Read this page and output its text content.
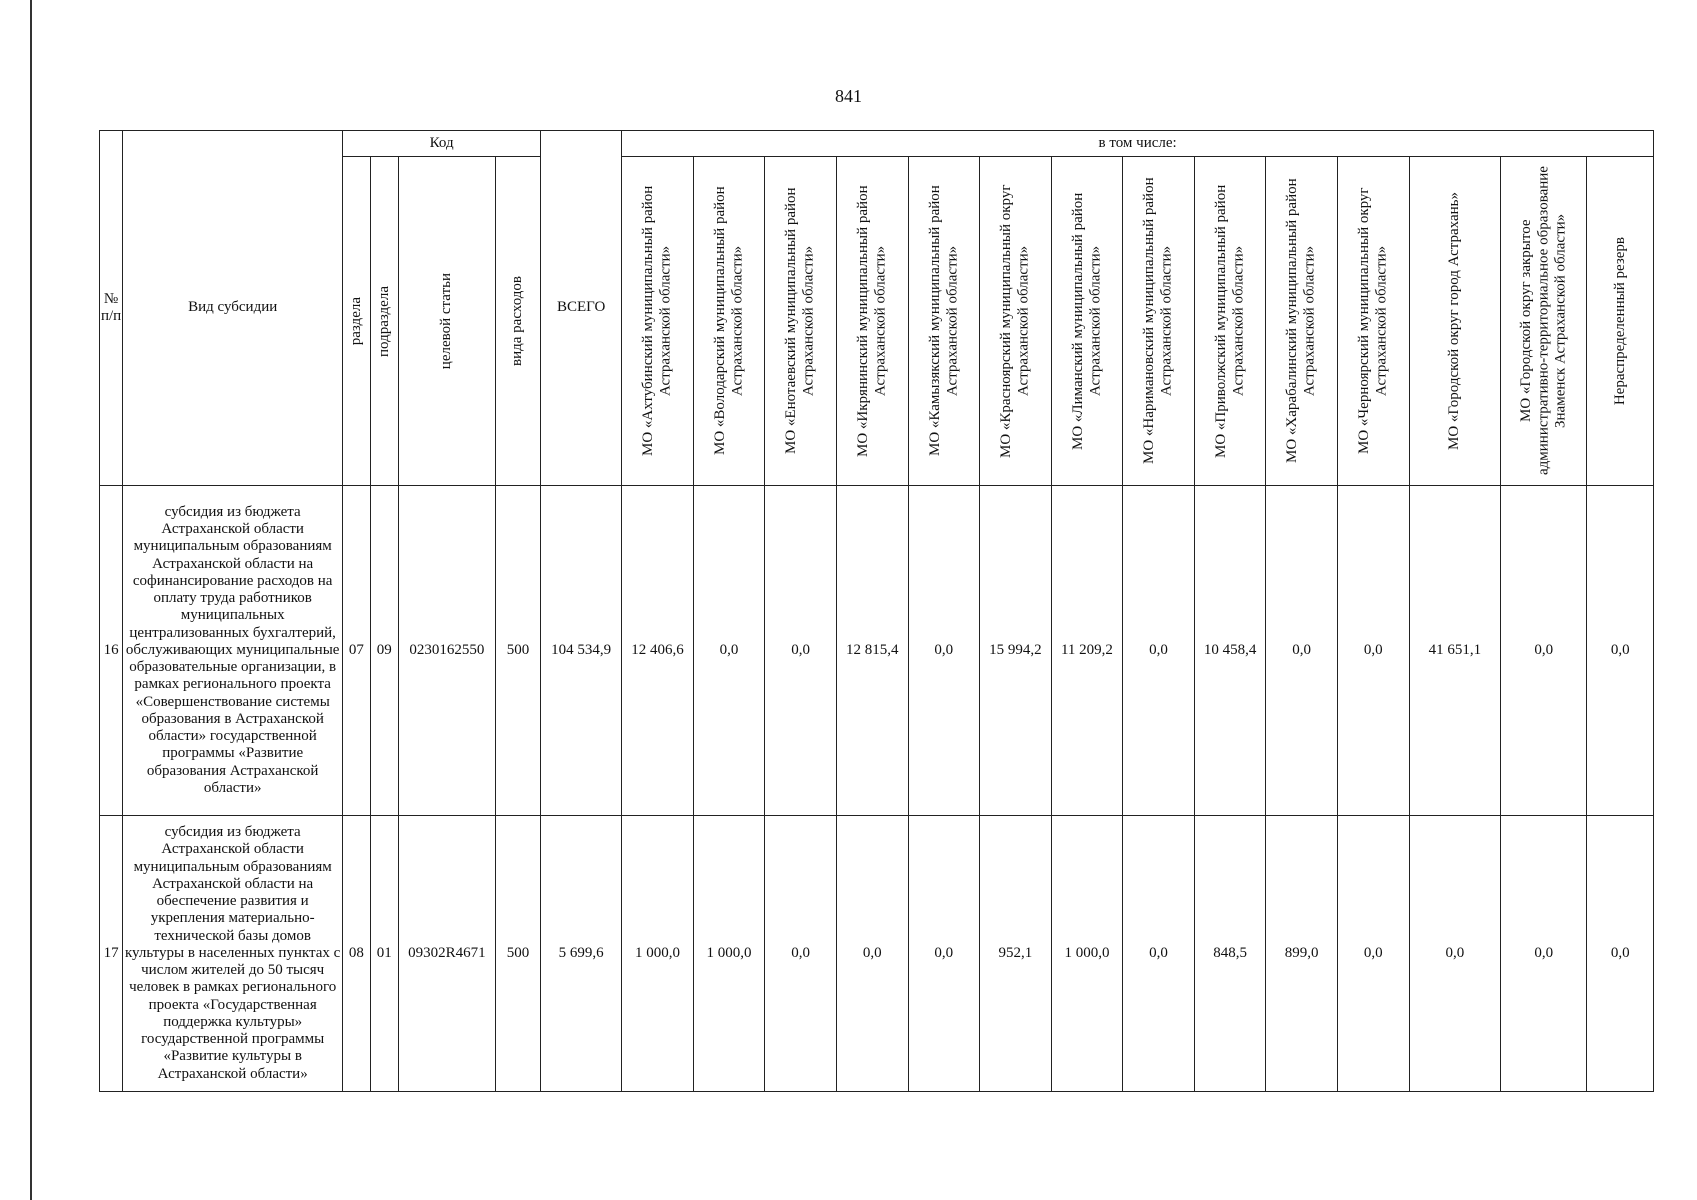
841
№ п/п	Вид субсидии	Код				ВСЕГО	в том числе:													

		раздела	подраздела	целевой статьи	вида расходов		МО «Ахтубинский муниципальный район Астраханской области»	МО «Володарский муниципальный район Астраханской области»	МО «Енотаевский муниципальный район Астраханской области»	МО «Икрянинский муниципальный район Астраханской области»	МО «Камызякский муниципальный район Астраханской области»	МО «Красноярский муниципальный округ Астраханской области»	МО «Лиманский муниципальный район Астраханской области»	МО «Наримановский муниципальный район Астраханской области»	МО «Приволжский муниципальный район Астраханской области»	МО «Харабалинский муниципальный район Астраханской области»	МО «Черноярский муниципальный округ Астраханской области»	МО «Городской округ город Астрахань»	МО «Городской округ закрытое административно-территориальное образование Знаменск Астраханской области»	Нераспределенный резерв

16	субсидия из бюджета Астраханской области муниципальным образованиям Астраханской области на софинансирование расходов на оплату труда работников муниципальных централизованных бухгалтерий, обслуживающих муниципальные образовательные организации, в рамках регионального проекта «Совершенствование системы образования в Астраханской области» государственной программы «Развитие образования Астраханской области»	07	09	0230162550	500	104 534,9	12 406,6	0,0	0,0	12 815,4	0,0	15 994,2	11 209,2	0,0	10 458,4	0,0	0,0	41 651,1	0,0	0,0
17	субсидия из бюджета Астраханской области муниципальным образованиям Астраханской области на обеспечение развития и укрепления материально-технической базы домов культуры в населенных пунктах с числом жителей до 50 тысяч человек в рамках регионального проекта «Государственная поддержка культуры» государственной программы «Развитие культуры в Астраханской области»	08	01	09302R4671	500	5 699,6	1 000,0	1 000,0	0,0	0,0	0,0	952,1	1 000,0	0,0	848,5	899,0	0,0	0,0	0,0	0,0
